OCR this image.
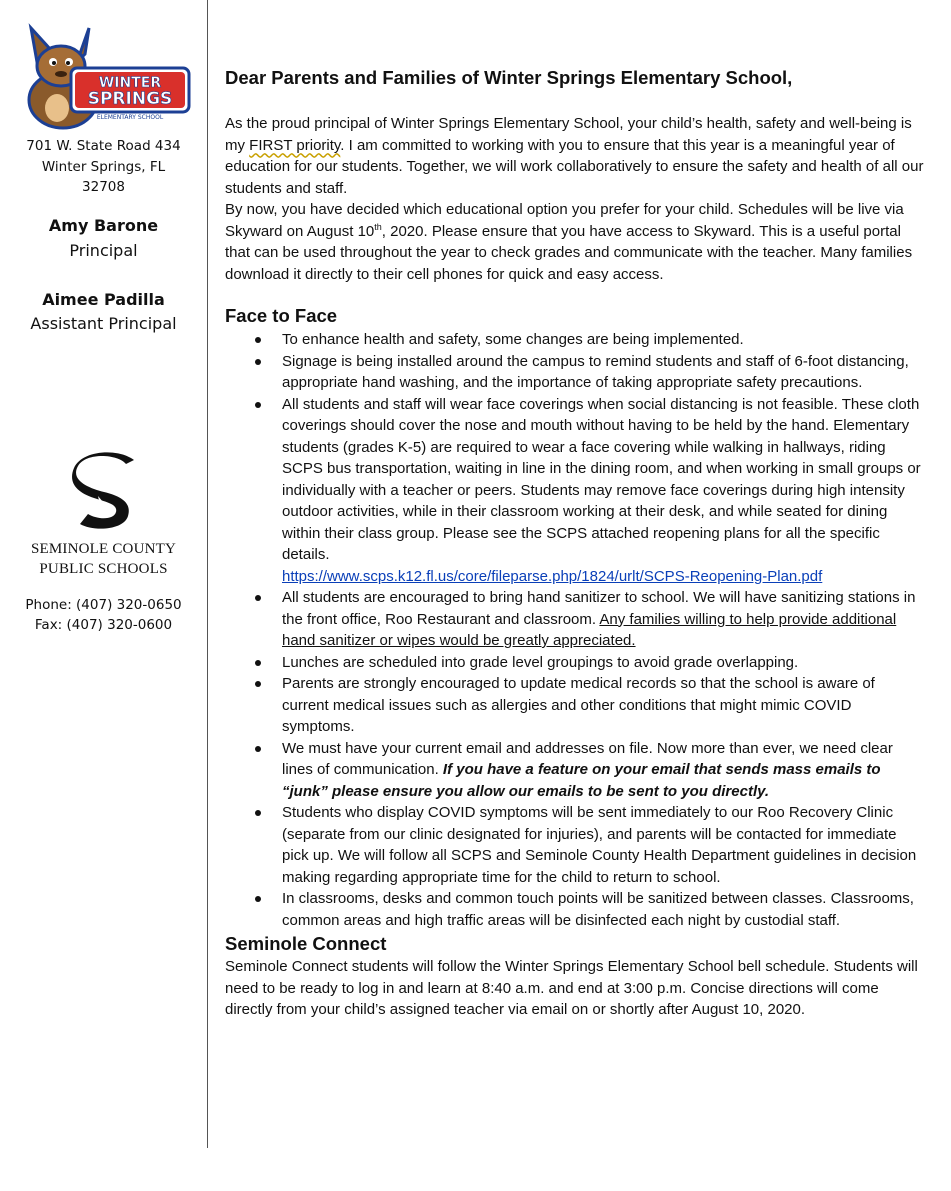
WINTER
SPRINGS
ELEMENTARY SCHOOL
701 W. State Road 434
Winter Springs, FL
32708
Amy Barone
Principal
Aimee Padilla
Assistant Principal
SEMINOLE COUNTY
PUBLIC SCHOOLS
Phone: (407) 320-0650
Fax: (407) 320-0600
Dear Parents and Families of Winter Springs Elementary School,

As the proud principal of Winter Springs Elementary School, your child’s health, safety and well-being is my FIRST priority. I am committed to working with you to ensure that this year is a meaningful year of education for our students. Together, we will work collaboratively to ensure the safety and health of all our students and staff.

By now, you have decided which educational option you prefer for your child. Schedules will be live via Skyward on August 10th, 2020. Please ensure that you have access to Skyward. This is a useful portal that can be used throughout the year to check grades and communicate with the teacher. Many families download it directly to their cell phones for quick and easy access.

Face to Face
To enhance health and safety, some changes are being implemented.
Signage is being installed around the campus to remind students and staff of 6-foot distancing, appropriate hand washing, and the importance of taking appropriate safety precautions.
All students and staff will wear face coverings when social distancing is not feasible. These cloth coverings should cover the nose and mouth without having to be held by the hand. Elementary students (grades K-5) are required to wear a face covering while walking in hallways, riding SCPS bus transportation, waiting in line in the dining room, and when working in small groups or individually with a teacher or peers. Students may remove face coverings during high intensity outdoor activities, while in their classroom working at their desk, and while seated for dining within their class group. Please see the SCPS attached reopening plans for all the specific details.
https://www.scps.k12.fl.us/core/fileparse.php/1824/urlt/SCPS-Reopening-Plan.pdf
All students are encouraged to bring hand sanitizer to school. We will have sanitizing stations in the front office, Roo Restaurant and classroom. Any families willing to help provide additional hand sanitizer or wipes would be greatly appreciated.
Lunches are scheduled into grade level groupings to avoid grade overlapping.
Parents are strongly encouraged to update medical records so that the school is aware of current medical issues such as allergies and other conditions that might mimic COVID symptoms.
We must have your current email and addresses on file. Now more than ever, we need clear lines of communication. If you have a feature on your email that sends mass emails to “junk” please ensure you allow our emails to be sent to you directly.
Students who display COVID symptoms will be sent immediately to our Roo Recovery Clinic (separate from our clinic designated for injuries), and parents will be contacted for immediate pick up. We will follow all SCPS and Seminole County Health Department guidelines in decision making regarding appropriate time for the child to return to school.
In classrooms, desks and common touch points will be sanitized between classes. Classrooms, common areas and high traffic areas will be disinfected each night by custodial staff.
Seminole Connect

Seminole Connect students will follow the Winter Springs Elementary School bell schedule. Students will need to be ready to log in and learn at 8:40 a.m. and end at 3:00 p.m. Concise directions will come directly from your child’s assigned teacher via email on or shortly after August 10, 2020.
